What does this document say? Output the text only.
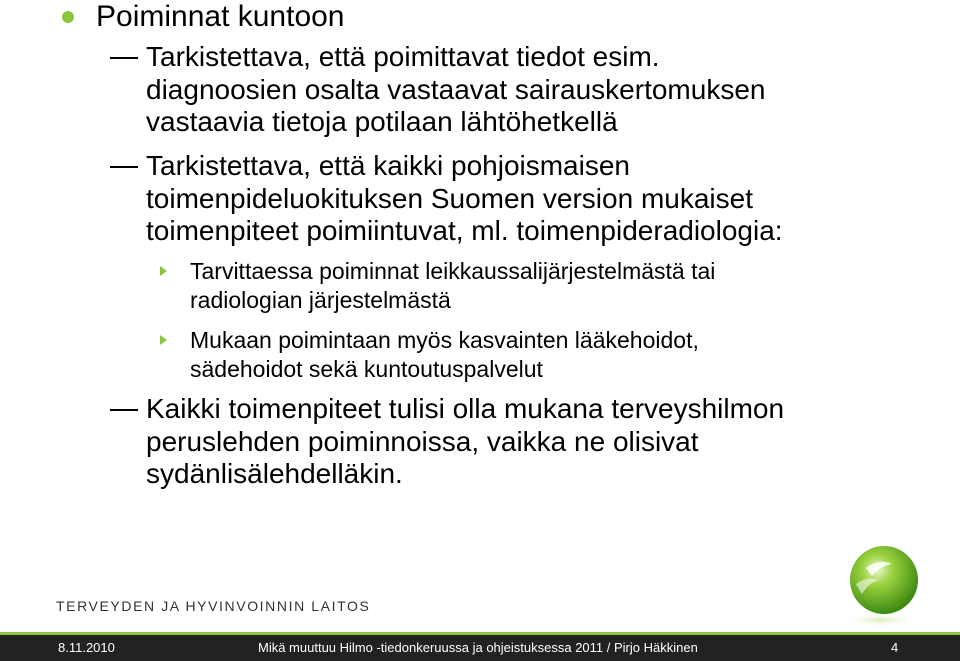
Poiminnat kuntoon
Tarkistettava, että poimittavat tiedot esim.
diagnoosien osalta vastaavat sairauskertomuksen
vastaavia tietoja potilaan lähtöhetkellä
Tarkistettava, että kaikki pohjoismaisen
toimenpideluokituksen Suomen version mukaiset
toimenpiteet poimiintuvat, ml. toimenpideradiologia:
Tarvittaessa poiminnat leikkaussalijärjestelmästä tai
radiologian järjestelmästä
Mukaan poimintaan myös kasvainten lääkehoidot,
sädehoidot sekä kuntoutuspalvelut
Kaikki toimenpiteet tulisi olla mukana terveyshilmon
peruslehden poiminnoissa, vaikka ne olisivat
sydänlisälehdelläkin.
TERVEYDEN JA HYVINVOINNIN LAITOS
8.11.2010	Mikä muuttuu Hilmo -tiedonkeruussa ja ohjeistuksessa 2011 / Pirjo Häkkinen	4
